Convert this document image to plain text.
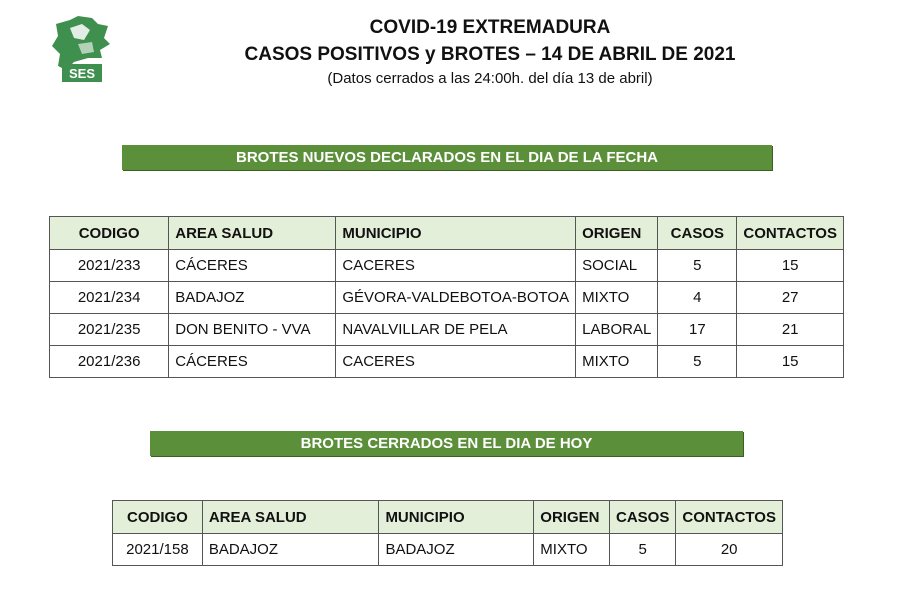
SES
COVID-19 EXTREMADURA
CASOS POSITIVOS y BROTES – 14 DE ABRIL DE 2021
(Datos cerrados a las 24:00h. del día 13 de abril)
BROTES NUEVOS DECLARADOS EN EL DIA DE LA FECHA
CODIGO	AREA SALUD	MUNICIPIO	ORIGEN	CASOS	CONTACTOS
2021/233	CÁCERES	CACERES	SOCIAL	5	15
2021/234	BADAJOZ	GÉVORA-VALDEBOTOA-BOTOA	MIXTO	4	27
2021/235	DON BENITO - VVA	NAVALVILLAR DE PELA	LABORAL	17	21
2021/236	CÁCERES	CACERES	MIXTO	5	15
BROTES CERRADOS EN EL DIA DE HOY
CODIGO	AREA SALUD	MUNICIPIO	ORIGEN	CASOS	CONTACTOS
2021/158	BADAJOZ	BADAJOZ	MIXTO	5	20
